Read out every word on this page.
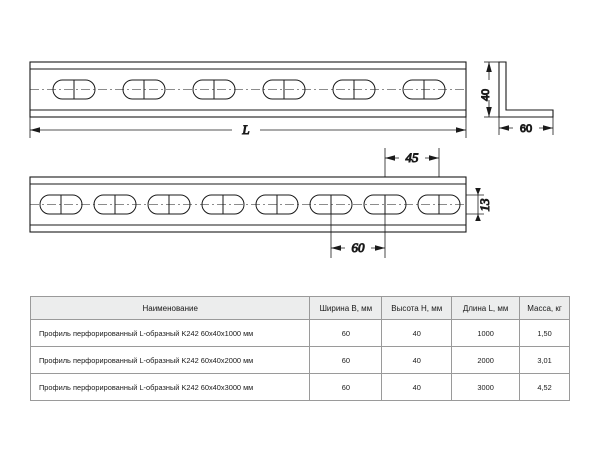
L
40
60
45
13
60
Наименование	Ширина B, мм	Высота H, мм	Длина L, мм	Масса, кг
Профиль перфорированный L-образный K242 60x40x1000 мм	60	40	1000	1,50
Профиль перфорированный L-образный K242 60x40x2000 мм	60	40	2000	3,01
Профиль перфорированный L-образный K242 60x40x3000 мм	60	40	3000	4,52
